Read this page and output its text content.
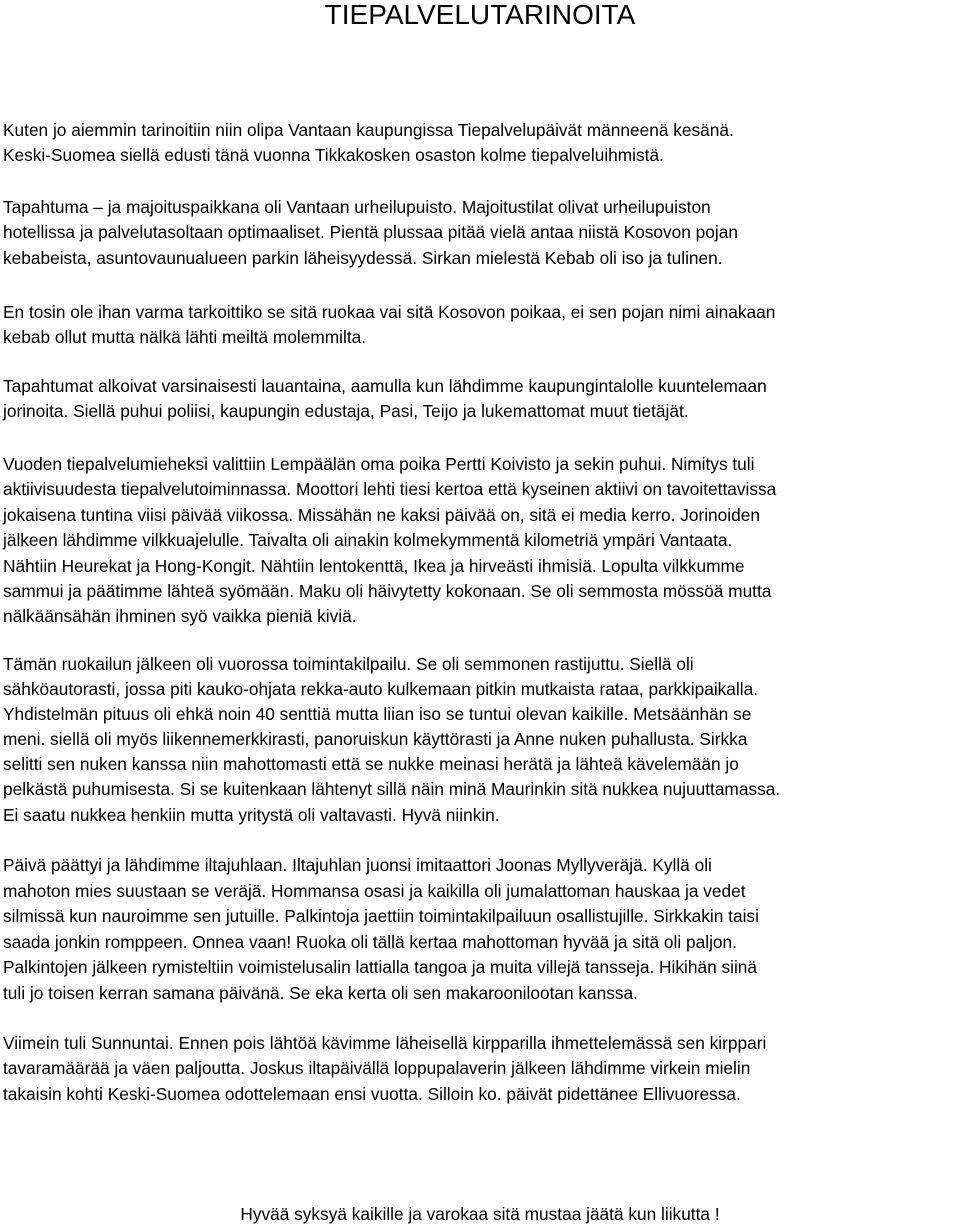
TIEPALVELUTARINOITA

Kuten jo aiemmin tarinoitiin niin olipa Vantaan kaupungissa Tiepalvelupäivät männeenä kesänä.
Keski-Suomea siellä edusti tänä vuonna Tikkakosken osaston kolme tiepalveluihmistä.

Tapahtuma – ja majoituspaikkana oli Vantaan urheilupuisto. Majoitustilat olivat urheilupuiston
hotellissa ja palvelutasoltaan optimaaliset. Pientä plussaa pitää vielä antaa niistä Kosovon pojan
kebabeista, asuntovaunualueen parkin läheisyydessä. Sirkan mielestä Kebab oli iso ja tulinen.

En tosin ole ihan varma tarkoittiko se sitä ruokaa vai sitä Kosovon poikaa, ei sen pojan nimi ainakaan
kebab ollut mutta nälkä lähti meiltä molemmilta.

Tapahtumat alkoivat varsinaisesti lauantaina, aamulla kun lähdimme kaupungintalolle kuuntelemaan
jorinoita. Siellä puhui poliisi, kaupungin edustaja, Pasi, Teijo ja lukemattomat muut tietäjät.

Vuoden tiepalvelumieheksi valittiin Lempäälän oma poika Pertti Koivisto ja sekin puhui. Nimitys tuli
aktiivisuudesta tiepalvelutoiminnassa. Moottori lehti tiesi kertoa että kyseinen aktiivi on tavoitettavissa
jokaisena tuntina viisi päivää viikossa. Missähän ne kaksi päivää on, sitä ei media kerro. Jorinoiden
jälkeen lähdimme vilkkuajelulle. Taivalta oli ainakin kolmekymmentä kilometriä ympäri Vantaata.
Nähtiin Heurekat ja Hong-Kongit. Nähtiin lentokenttä, Ikea ja hirveästi ihmisiä. Lopulta vilkkumme
sammui ja päätimme lähteä syömään. Maku oli häivytetty kokonaan. Se oli semmosta mössöä mutta
nälkäänsähän ihminen syö vaikka pieniä kiviä.

Tämän ruokailun jälkeen oli vuorossa toimintakilpailu. Se oli semmonen rastijuttu. Siellä oli
sähköautorasti, jossa piti kauko-ohjata rekka-auto kulkemaan pitkin mutkaista rataa, parkkipaikalla.
Yhdistelmän pituus oli ehkä noin 40 senttiä mutta liian iso se tuntui olevan kaikille. Metsäänhän se
meni. siellä oli myös liikennemerkkirasti, panoruiskun käyttörasti ja Anne nuken puhallusta. Sirkka
selitti sen nuken kanssa niin mahottomasti että se nukke meinasi herätä ja lähteä kävelemään jo
pelkästä puhumisesta. Si se kuitenkaan lähtenyt sillä näin minä Maurinkin sitä nukkea nujuuttamassa.
Ei saatu nukkea henkiin mutta yritystä oli valtavasti. Hyvä niinkin.

Päivä päättyi ja lähdimme iltajuhlaan. Iltajuhlan juonsi imitaattori Joonas Myllyveräjä. Kyllä oli
mahoton mies suustaan se veräjä. Hommansa osasi ja kaikilla oli jumalattoman hauskaa ja vedet
silmissä kun nauroimme sen jutuille. Palkintoja jaettiin toimintakilpailuun osallistujille. Sirkkakin taisi
saada jonkin romppeen. Onnea vaan! Ruoka oli tällä kertaa mahottoman hyvää ja sitä oli paljon.
Palkintojen jälkeen rymisteltiin voimistelusalin lattialla tangoa ja muita villejä tansseja. Hikihän siinä
tuli jo toisen kerran samana päivänä. Se eka kerta oli sen makaroonilootan kanssa.

Viimein tuli Sunnuntai. Ennen pois lähtöä kävimme läheisellä kirpparilla ihmettelemässä sen kirppari
tavaramäärää ja väen paljoutta. Joskus iltapäivällä loppupalaverin jälkeen lähdimme virkein mielin
takaisin kohti Keski-Suomea odottelemaan ensi vuotta. Silloin ko. päivät pidettänee Ellivuoressa.

Hyvää syksyä kaikille ja varokaa sitä mustaa jäätä kun liikutta !
